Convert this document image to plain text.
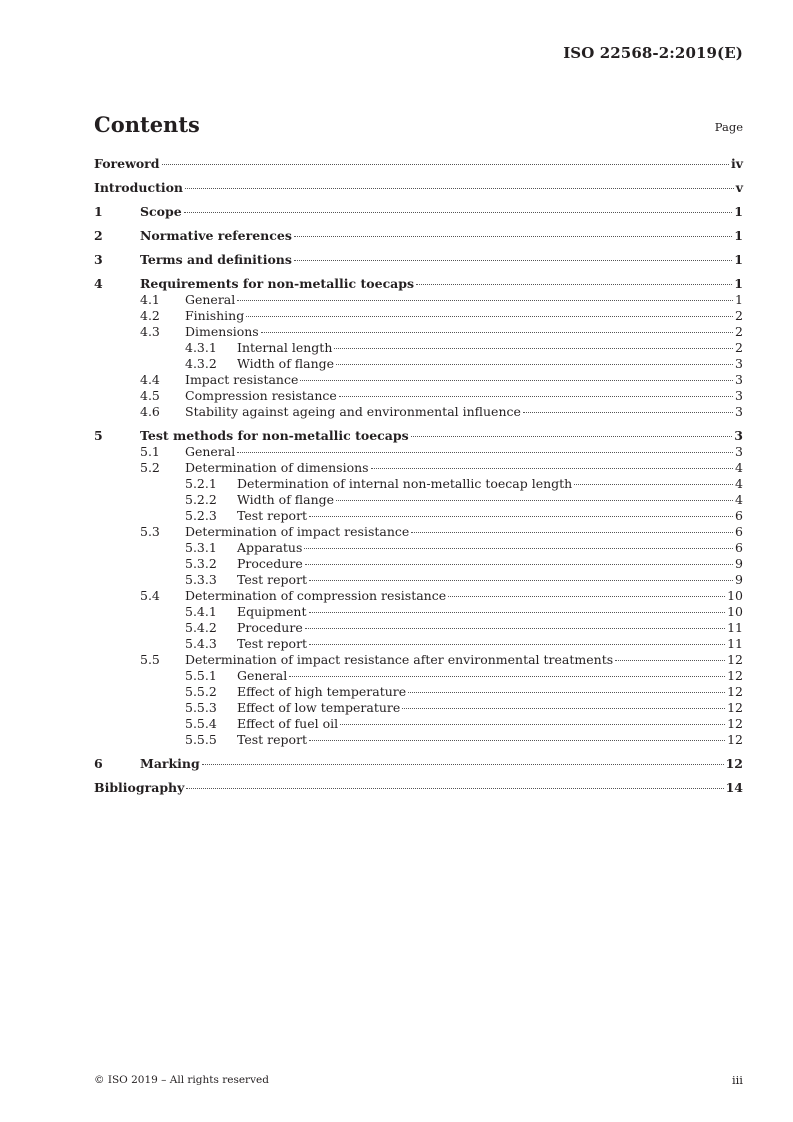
ISO 22568-2:2019(E)
Contents	Page
Foreword	iv
Introduction	v
1	Scope	1
2	Normative references	1
3	Terms and definitions	1
4	Requirements for non-metallic toecaps	1
4.1	General	1
4.2	Finishing	2
4.3	Dimensions	2
4.3.1	Internal length	2
4.3.2	Width of flange	3
4.4	Impact resistance	3
4.5	Compression resistance	3
4.6	Stability against ageing and environmental influence	3
5	Test methods for non-metallic toecaps	3
5.1	General	3
5.2	Determination of dimensions	4
5.2.1	Determination of internal non-metallic toecap length	4
5.2.2	Width of flange	4
5.2.3	Test report	6
5.3	Determination of impact resistance	6
5.3.1	Apparatus	6
5.3.2	Procedure	9
5.3.3	Test report	9
5.4	Determination of compression resistance	10
5.4.1	Equipment	10
5.4.2	Procedure	11
5.4.3	Test report	11
5.5	Determination of impact resistance after environmental treatments	12
5.5.1	General	12
5.5.2	Effect of high temperature	12
5.5.3	Effect of low temperature	12
5.5.4	Effect of fuel oil	12
5.5.5	Test report	12
6	Marking	12
Bibliography	14
© ISO 2019 – All rights reserved	iii
